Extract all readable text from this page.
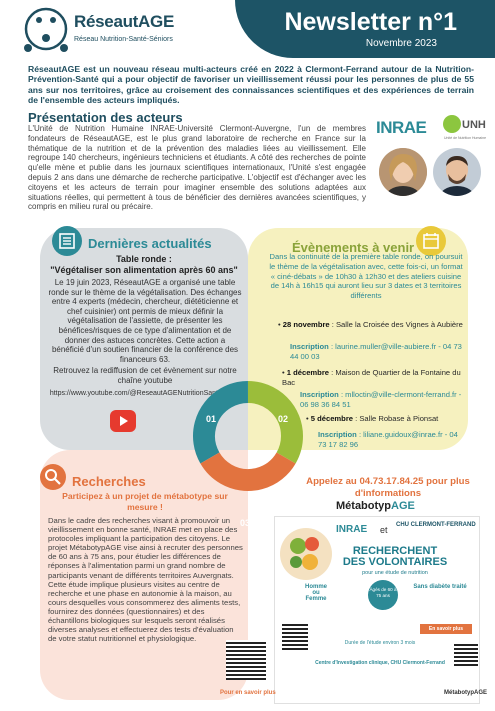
RéseautAGE
Réseau Nutrition-Santé-Séniors
Newsletter n°1
Novembre 2023
RéseautAGE est un nouveau réseau multi-acteurs créé en 2022 à Clermont-Ferrand autour de la Nutrition-Prévention-Santé qui a pour objectif de favoriser un vieillissement réussi pour les personnes de plus de 55 ans sur nos territoires, grâce au croisement des connaissances scientifiques et des expériences de terrain de l'ensemble des acteurs impliqués.
Présentation des acteurs
L'Unité de Nutrition Humaine INRAE-Université Clermont-Auvergne, l'un de membres fondateurs de RéseautAGE, est le plus grand laboratoire de recherche en France sur la thématique de la nutrition et de la prévention des maladies liées au vieillissement. Elle regroupe 140 chercheurs, ingénieurs techniciens et étudiants. A côté des recherches de pointe qu'elle mène et publie dans les journaux scientifiques internationaux, l'Unité s'est engagée depuis 2 ans dans une démarche de recherche participative. L'objectif est d'échanger avec les citoyens et les acteurs de terrain pour imaginer ensemble des solutions adaptées aux situations réelles, qui permettent à tous de bénéficier des dernières avancées scientifiques, y compris en milieu rural ou précaire.
INRAE	UNH
Unité de Nutrition Humaine
Dernières actualités
Table ronde :
"Végétaliser son alimentation après 60 ans"
Le 19 juin 2023, RéseautAGE a organisé une table ronde sur le thème de la végétalisation. Des échanges entre 4 experts (médecin, chercheur, diététicienne et chef cuisinier) ont permis de mieux définir la végétalisation de l'assiette, de présenter les bénéfices/risques de ce type d'alimentation et de donner des astuces concrètes. Cette action a bénéficié d'un soutien financier de la conférence des financeurs 63.
Retrouvez la rediffusion de cet évènement sur notre chaîne youtube
https://www.youtube.com/@ReseautAGENutritionSante-lz3xv
Évènements à venir
Dans la continuité de la première table ronde, on poursuit le thème de la végétalisation avec, cette fois-ci, un format « ciné-débats » de 10h30 à 12h30 et des ateliers cuisine de 14h à 16h15 qui auront lieu sur 3 dates et 3 territoires différents
• 28 novembre : Salle la Croisée des Vignes à Aubière
Inscription : laurine.muller@ville-aubiere.fr - 04 73 44 00 03
• 1 décembre : Maison de Quartier de la Fontaine du Bac
Inscription : mlloctin@ville-clermont-ferrand.fr - 06 98 36 84 51
• 5 décembre : Salle Robase à Pionsat
Inscription : liliane.guidoux@inrae.fr - 04 73 17 82 96
01	02
03
Recherches
Participez à un projet de métabotype sur mesure !
Dans le cadre des recherches visant à promouvoir un vieillissement en bonne santé, INRAE met en place des protocoles impliquant la participation des citoyens. Le projet MétabotypAGE vise ainsi à recruter des personnes de 60 ans à 75 ans, pour étudier les différences de réponses à l'alimentation parmi un grand nombre de participants venant de différents territoires Auvergnats. Cette étude implique plusieurs visites au centre de recherche et une phase en autonomie à la maison, au cours desquelles vous consommerez des aliments tests, fournirez des données (questionnaires) et des échantillons biologiques sur lesquels seront réalisés diverses analyses et effectuerez des tests d'évaluation de votre statut nutritionnel et physiologique.
Appelez au 04.73.17.84.25 pour plus d'informations
MétabotypAGE
INRAE et CHU CLERMONT-FERRAND
RECHERCHENT
DES VOLONTAIRES
pour une étude de nutrition
Homme
ou
Femme
Âgés de 60 à 75 ans
Sans diabète traité
En savoir plus
Durée de l'étude environ 3 mois
Centre d'Investigation clinique, CHU Clermont-Ferrand
Pour en savoir plus	MétabotypAGE
